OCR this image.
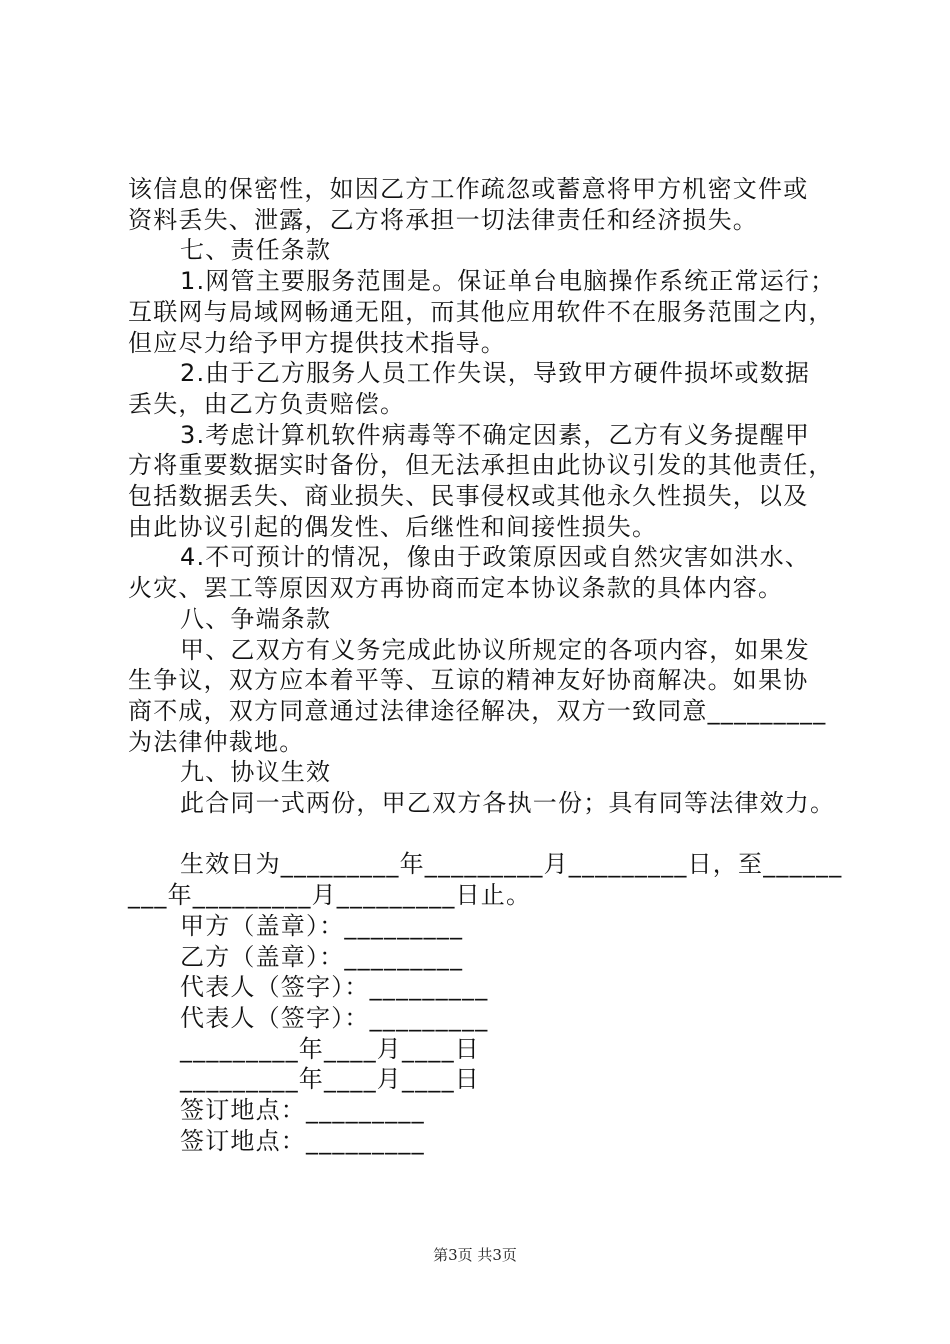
该信息的保密性，如因乙方工作疏忽或蓄意将甲方机密文件或
资料丢失、泄露，乙方将承担一切法律责任和经济损失。
七、责任条款
1.网管主要服务范围是。保证单台电脑操作系统正常运行；
互联网与局域网畅通无阻，而其他应用软件不在服务范围之内，
但应尽力给予甲方提供技术指导。
2.由于乙方服务人员工作失误，导致甲方硬件损坏或数据
丢失，由乙方负责赔偿。
3.考虑计算机软件病毒等不确定因素，乙方有义务提醒甲
方将重要数据实时备份，但无法承担由此协议引发的其他责任，
包括数据丢失、商业损失、民事侵权或其他永久性损失，以及
由此协议引起的偶发性、后继性和间接性损失。
4.不可预计的情况，像由于政策原因或自然灾害如洪水、
火灾、罢工等原因双方再协商而定本协议条款的具体内容。
八、争端条款
甲、乙双方有义务完成此协议所规定的各项内容，如果发
生争议，双方应本着平等、互谅的精神友好协商解决。如果协
商不成，双方同意通过法律途径解决，双方一致同意_________
为法律仲裁地。
九、协议生效
此合同一式两份，甲乙双方各执一份；具有同等法律效力。
生效日为_________年_________月_________日，至______
___年_________月_________日止。
甲方（盖章）：_________
乙方（盖章）：_________
代表人（签字）：_________
代表人（签字）：_________
_________年____月____日
_________年____月____日
签订地点：_________
签订地点：_________
第3页 共3页
